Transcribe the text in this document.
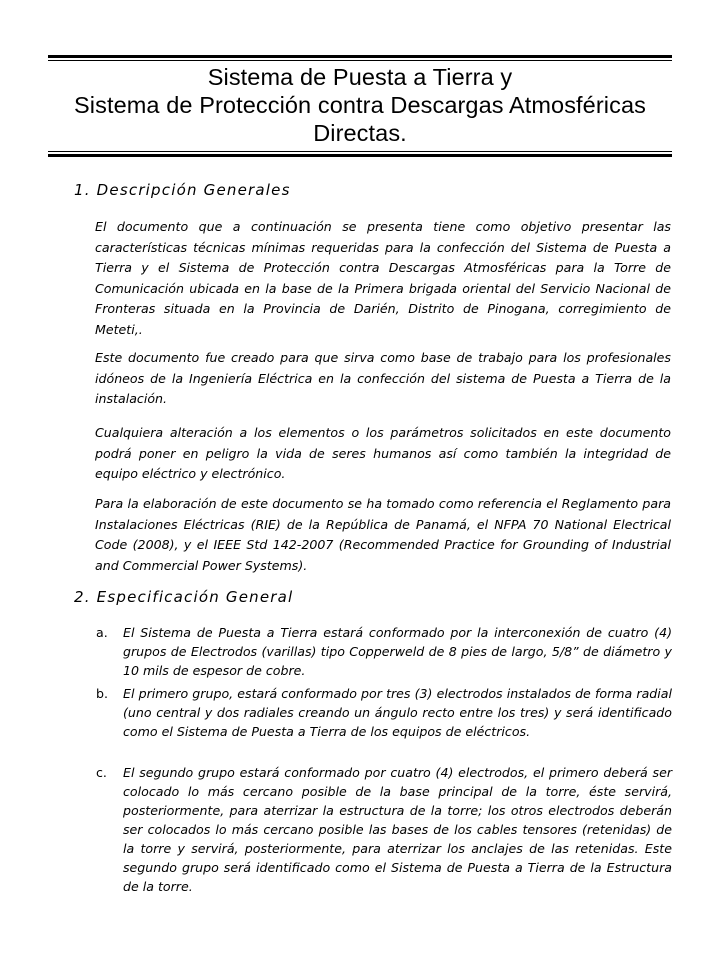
Sistema de Puesta a Tierra y
Sistema de Protección contra Descargas Atmosféricas
Directas.
1. Descripción Generales

El documento que a continuación se presenta tiene como objetivo presentar las características técnicas mínimas requeridas para la confección del Sistema de Puesta a Tierra y el Sistema de Protección contra Descargas Atmosféricas para la Torre de Comunicación ubicada en la base de la Primera brigada oriental del Servicio Nacional de Fronteras situada en la Provincia de Darién, Distrito de Pinogana, corregimiento de Meteti,.

Este documento fue creado para que sirva como base de trabajo para los profesionales idóneos de la Ingeniería Eléctrica en la confección del sistema de Puesta a Tierra de la instalación.

Cualquiera alteración a los elementos o los parámetros solicitados en este documento podrá poner en peligro la vida de seres humanos así como también la integridad de equipo eléctrico y electrónico.

Para la elaboración de este documento se ha tomado como referencia el Reglamento para Instalaciones Eléctricas (RIE) de la República de Panamá, el NFPA 70 National Electrical Code (2008), y el IEEE Std 142-2007 (Recommended Practice for Grounding of Industrial and Commercial Power Systems).

2. Especificación General
a.	El Sistema de Puesta a Tierra estará conformado por la interconexión de cuatro (4) grupos de Electrodos (varillas) tipo Copperweld de 8 pies de largo, 5/8” de diámetro y 10 mils de espesor de cobre.
b.	El primero grupo, estará conformado por tres (3) electrodos instalados de forma radial (uno central y dos radiales creando un ángulo recto entre los tres) y será identificado como el Sistema de Puesta a Tierra de los equipos de eléctricos.
c.	El segundo grupo estará conformado por cuatro (4) electrodos, el primero deberá ser colocado lo más cercano posible de la base principal de la torre, éste servirá, posteriormente, para aterrizar la estructura de la torre; los otros electrodos deberán ser colocados lo más cercano posible las bases de los cables tensores (retenidas) de la torre y servirá, posteriormente, para aterrizar los anclajes de las retenidas. Este segundo grupo será identificado como el Sistema de Puesta a Tierra de la Estructura de la torre.
